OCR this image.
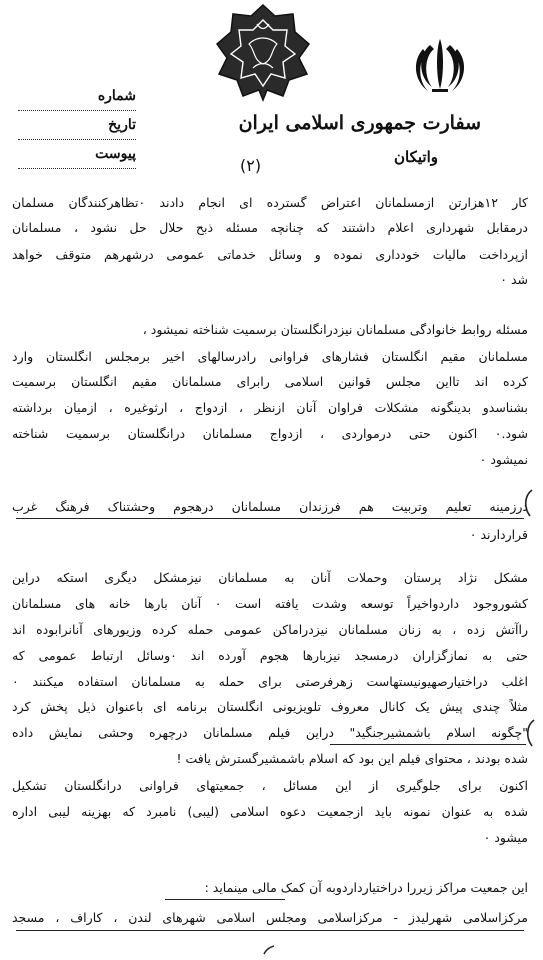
سفارت جمهوری اسلامی ایران
واتیکان
شماره
تاریخ
پیوست
(۲)
کار ۱۲هزارتن ازمسلمانان اعتراض گسترده ای انجام دادند ۰تظاهرکنندگان مسلمان
درمقابل شهرداری اعلام داشتند که چنانچه مسئله ذبح حلال حل نشود ، مسلمانان
ازپرداخت مالیات خودداری نموده و وسائل خدماتی عمومی درشهرهم متوقف خواهد
شد ۰
مسئله روابط خانوادگی مسلمانان نیزدرانگلستان برسمیت شناخته نمیشود ،
مسلمانان مقیم انگلستان فشارهای فراوانی رادرسالهای اخیر برمجلس انگلستان وارد
کرده اند تااین مجلس قوانین اسلامی رابرای مسلمانان مقیم انگلستان برسمیت
بشناسدو بدینگونه مشکلات فراوان آنان ازنظر ، ازدواج ، ارثوغیره ، ازمیان برداشته
شود.۰ اکنون حتی درمواردی ، ازدواج مسلمانان درانگلستان برسمیت شناخته
نمیشود ۰
درزمینه تعلیم وتربیت هم فرزندان مسلمانان درهجوم وحشتناک فرهنگ غرب
قراردارند ۰
مشکل نژاد پرستان وحملات آنان به مسلمانان نیزمشکل دیگری استکه دراین
کشوروجود داردواخیراً توسعه وشدت یافته است ۰ آنان بارها خانه های مسلمانان
راآتش زده ، به زنان مسلمانان نیزدراماکن عمومی حمله کرده وزیورهای آنانرابوده اند
حتی به نمازگزاران درمسجد نیزبارها هجوم آورده اند ۰وسائل ارتباط عمومی که
اغلب دراختیارصهیونیستهاست زهرفرصتی برای حمله به مسلمانان استفاده میکنند ۰
مثلاً چندی پیش یک کانال معروف تلویزیونی انگلستان برنامه ای باعنوان ذیل پخش کرد
"چگونه اسلام باشمشیرجنگید" دراین فیلم مسلمانان درچهره وحشی نمایش داده
شده بودند ، محتوای فیلم این بود که اسلام باشمشیرگسترش یافت !
اکنون برای جلوگیری از این مسائل ، جمعیتهای فراوانی درانگلستان تشکیل
شده به عنوان نمونه باید ازجمعیت دعوه اسلامی (لیبی) نامبرد که بهزینه لیبی اداره
میشود ۰
این جمعیت مراکز زیررا دراختیارداردوبه آن کمک مالی مینماید :
مرکزاسلامی شهرلیدز - مرکزاسلامی ومجلس اسلامی شهرهای لندن ، کاراف ، مسجد
